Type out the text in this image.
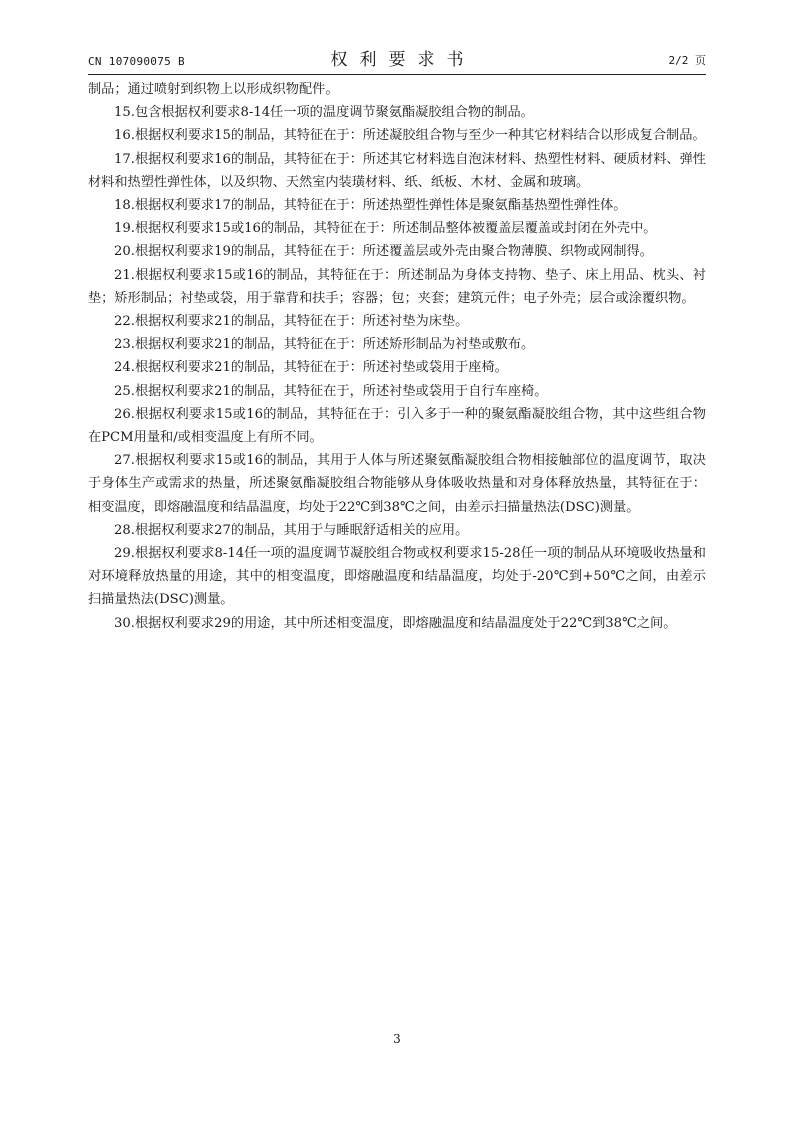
CN 107090075 B	权利要求书	2/2 页

制品；通过喷射到织物上以形成织物配件。

15.包含根据权利要求8-14任一项的温度调节聚氨酯凝胶组合物的制品。

16.根据权利要求15的制品，其特征在于：所述凝胶组合物与至少一种其它材料结合以形成复合制品。

17.根据权利要求16的制品，其特征在于：所述其它材料选自泡沫材料、热塑性材料、硬质材料、弹性材料和热塑性弹性体，以及织物、天然室内装璜材料、纸、纸板、木材、金属和玻璃。

18.根据权利要求17的制品，其特征在于：所述热塑性弹性体是聚氨酯基热塑性弹性体。

19.根据权利要求15或16的制品，其特征在于：所述制品整体被覆盖层覆盖或封闭在外壳中。

20.根据权利要求19的制品，其特征在于：所述覆盖层或外壳由聚合物薄膜、织物或网制得。

21.根据权利要求15或16的制品，其特征在于：所述制品为身体支持物、垫子、床上用品、枕头、衬垫；矫形制品；衬垫或袋，用于靠背和扶手；容器；包；夹套；建筑元件；电子外壳；层合或涂覆织物。

22.根据权利要求21的制品，其特征在于：所述衬垫为床垫。

23.根据权利要求21的制品，其特征在于：所述矫形制品为衬垫或敷布。

24.根据权利要求21的制品，其特征在于：所述衬垫或袋用于座椅。

25.根据权利要求21的制品，其特征在于，所述衬垫或袋用于自行车座椅。

26.根据权利要求15或16的制品，其特征在于：引入多于一种的聚氨酯凝胶组合物，其中这些组合物在PCM用量和/或相变温度上有所不同。

27.根据权利要求15或16的制品，其用于人体与所述聚氨酯凝胶组合物相接触部位的温度调节，取决于身体生产或需求的热量，所述聚氨酯凝胶组合物能够从身体吸收热量和对身体释放热量，其特征在于：相变温度，即熔融温度和结晶温度，均处于22℃到38℃之间，由差示扫描量热法(DSC)测量。

28.根据权利要求27的制品，其用于与睡眠舒适相关的应用。

29.根据权利要求8-14任一项的温度调节凝胶组合物或权利要求15-28任一项的制品从环境吸收热量和对环境释放热量的用途，其中的相变温度，即熔融温度和结晶温度，均处于-20℃到+50℃之间，由差示扫描量热法(DSC)测量。

30.根据权利要求29的用途，其中所述相变温度，即熔融温度和结晶温度处于22℃到38℃之间。

3
